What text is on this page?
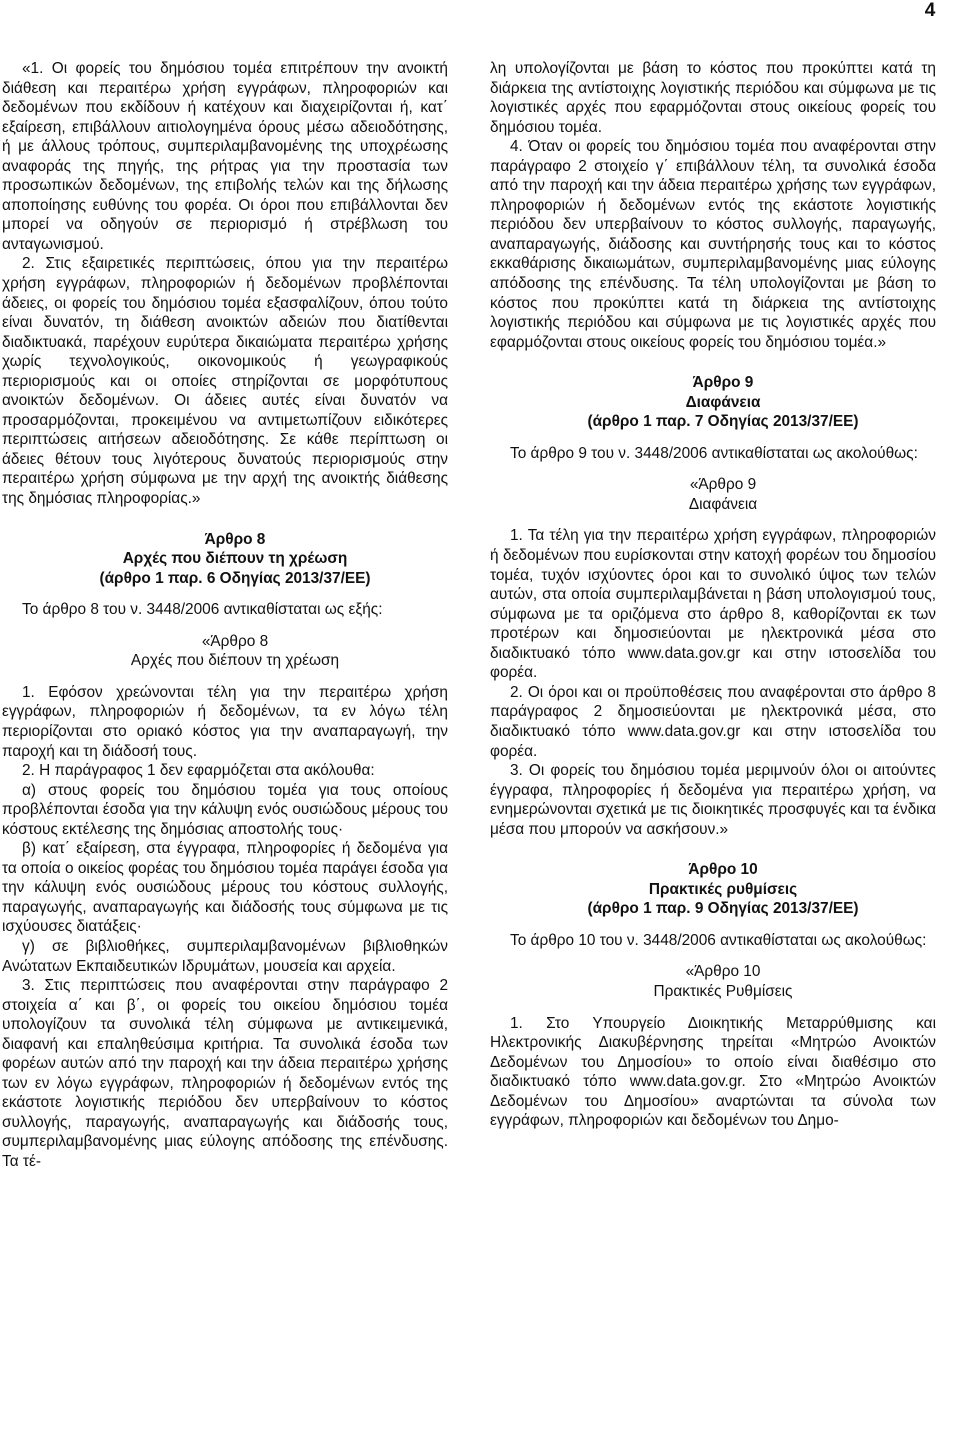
4

«1. Οι φορείς του δημόσιου τομέα επιτρέπουν την ανοικτή διάθεση και περαιτέρω χρήση εγγράφων, πληροφοριών και δεδομένων που εκδίδουν ή κατέχουν και διαχειρίζονται ή, κατ΄ εξαίρεση, επιβάλλουν αιτιολογημένα όρους μέσω αδειοδότησης, ή με άλλους τρόπους, συμπεριλαμβανομένης της υποχρέωσης αναφοράς της πηγής, της ρήτρας για την προστασία των προσωπικών δεδομένων, της επιβολής τελών και της δήλωσης αποποίησης ευθύνης του φορέα. Οι όροι που επιβάλλονται δεν μπορεί να οδηγούν σε περιορισμό ή στρέβλωση του ανταγωνισμού.

2. Στις εξαιρετικές περιπτώσεις, όπου για την περαιτέρω χρήση εγγράφων, πληροφοριών ή δεδομένων προβλέπονται άδειες, οι φορείς του δημόσιου τομέα εξασφαλίζουν, όπου τούτο είναι δυνατόν, τη διάθεση ανοικτών αδειών που διατίθενται διαδικτυακά, παρέχουν ευρύτερα δικαιώματα περαιτέρω χρήσης χωρίς τεχνολογικούς, οικονομικούς ή γεωγραφικούς περιορισμούς και οι οποίες στηρίζονται σε μορφότυπους ανοικτών δεδομένων. Οι άδειες αυτές είναι δυνατόν να προσαρμόζονται, προκειμένου να αντιμετωπίζουν ειδικότερες περιπτώσεις αιτήσεων αδειοδότησης. Σε κάθε περίπτωση οι άδειες θέτουν τους λιγότερους δυνατούς περιορισμούς στην περαιτέρω χρήση σύμφωνα με την αρχή της ανοικτής διάθεσης της δημόσιας πληροφορίας.»

Άρθρο 8

Αρχές που διέπουν τη χρέωση

(άρθρο 1 παρ. 6 Οδηγίας 2013/37/ΕΕ)

Το άρθρο 8 του ν. 3448/2006 αντικαθίσταται ως εξής:

«Άρθρο 8

Αρχές που διέπουν τη χρέωση

1. Εφόσον χρεώνονται τέλη για την περαιτέρω χρήση εγγράφων, πληροφοριών ή δεδομένων, τα εν λόγω τέλη περιορίζονται στο οριακό κόστος για την αναπαραγωγή, την παροχή και τη διάδοσή τους.

2. Η παράγραφος 1 δεν εφαρμόζεται στα ακόλουθα:

α) στους φορείς του δημόσιου τομέα για τους οποίους προβλέπονται έσοδα για την κάλυψη ενός ουσιώδους μέρους του κόστους εκτέλεσης της δημόσιας αποστολής τους·

β) κατ΄ εξαίρεση, στα έγγραφα, πληροφορίες ή δεδομένα για τα οποία ο οικείος φορέας του δημόσιου τομέα παράγει έσοδα για την κάλυψη ενός ουσιώδους μέρους του κόστους συλλογής, παραγωγής, αναπαραγωγής και διάδοσής τους σύμφωνα με τις ισχύουσες διατάξεις·

γ) σε βιβλιοθήκες, συμπεριλαμβανομένων βιβλιοθηκών Ανώτατων Εκπαιδευτικών Ιδρυμάτων, μουσεία και αρχεία.

3. Στις περιπτώσεις που αναφέρονται στην παράγραφο 2 στοιχεία α΄ και β΄, οι φορείς του οικείου δημόσιου τομέα υπολογίζουν τα συνολικά τέλη σύμφωνα με αντικειμενικά, διαφανή και επαληθεύσιμα κριτήρια. Τα συνολικά έσοδα των φορέων αυτών από την παροχή και την άδεια περαιτέρω χρήσης των εν λόγω εγγράφων, πληροφοριών ή δεδομένων εντός της εκάστοτε λογιστικής περιόδου δεν υπερβαίνουν το κόστος συλλογής, παραγωγής, αναπαραγωγής και διάδοσής τους, συμπεριλαμβανομένης μιας εύλογης απόδοσης της επένδυσης. Τα τέ-

λη υπολογίζονται με βάση το κόστος που προκύπτει κατά τη διάρκεια της αντίστοιχης λογιστικής περιόδου και σύμφωνα με τις λογιστικές αρχές που εφαρμόζονται στους οικείους φορείς του δημόσιου τομέα.

4. Όταν οι φορείς του δημόσιου τομέα που αναφέρονται στην παράγραφο 2 στοιχείο γ΄ επιβάλλουν τέλη, τα συνολικά έσοδα από την παροχή και την άδεια περαιτέρω χρήσης των εγγράφων, πληροφοριών ή δεδομένων εντός της εκάστοτε λογιστικής περιόδου δεν υπερβαίνουν το κόστος συλλογής, παραγωγής, αναπαραγωγής, διάδοσης και συντήρησής τους και το κόστος εκκαθάρισης δικαιωμάτων, συμπεριλαμβανομένης μιας εύλογης απόδοσης της επένδυσης. Τα τέλη υπολογίζονται με βάση το κόστος που προκύπτει κατά τη διάρκεια της αντίστοιχης λογιστικής περιόδου και σύμφωνα με τις λογιστικές αρχές που εφαρμόζονται στους οικείους φορείς του δημόσιου τομέα.»

Άρθρο 9

Διαφάνεια

(άρθρο 1 παρ. 7 Οδηγίας 2013/37/ΕΕ)

Το άρθρο 9 του ν. 3448/2006 αντικαθίσταται ως ακολούθως:

«Άρθρο 9

Διαφάνεια

1. Τα τέλη για την περαιτέρω χρήση εγγράφων, πληροφοριών ή δεδομένων που ευρίσκονται στην κατοχή φορέων του δημοσίου τομέα, τυχόν ισχύοντες όροι και το συνολικό ύψος των τελών αυτών, στα οποία συμπεριλαμβάνεται η βάση υπολογισμού τους, σύμφωνα με τα οριζόμενα στο άρθρο 8, καθορίζονται εκ των προτέρων και δημοσιεύονται με ηλεκτρονικά μέσα στο διαδικτυακό τόπο www.data.gov.gr και στην ιστοσελίδα του φορέα.

2. Οι όροι και οι προϋποθέσεις που αναφέρονται στο άρθρο 8 παράγραφος 2 δημοσιεύονται με ηλεκτρονικά μέσα, στο διαδικτυακό τόπο www.data.gov.gr και στην ιστοσελίδα του φορέα.

3. Οι φορείς του δημόσιου τομέα μεριμνούν όλοι οι αιτούντες έγγραφα, πληροφορίες ή δεδομένα για περαιτέρω χρήση, να ενημερώνονται σχετικά με τις διοικητικές προσφυγές και τα ένδικα μέσα που μπορούν να ασκήσουν.»

Άρθρο 10

Πρακτικές ρυθμίσεις

(άρθρο 1 παρ. 9 Οδηγίας 2013/37/ΕΕ)

Το άρθρο 10 του ν. 3448/2006 αντικαθίσταται ως ακολούθως:

«Άρθρο 10

Πρακτικές Ρυθμίσεις

1. Στο Υπουργείο Διοικητικής Μεταρρύθμισης και Ηλεκτρονικής Διακυβέρνησης τηρείται «Μητρώο Ανοικτών Δεδομένων του Δημοσίου» το οποίο είναι διαθέσιμο στο διαδικτυακό τόπο www.data.gov.gr. Στο «Μητρώο Ανοικτών Δεδομένων του Δημοσίου» αναρτώνται τα σύνολα των εγγράφων, πληροφοριών και δεδομένων του Δημο-
